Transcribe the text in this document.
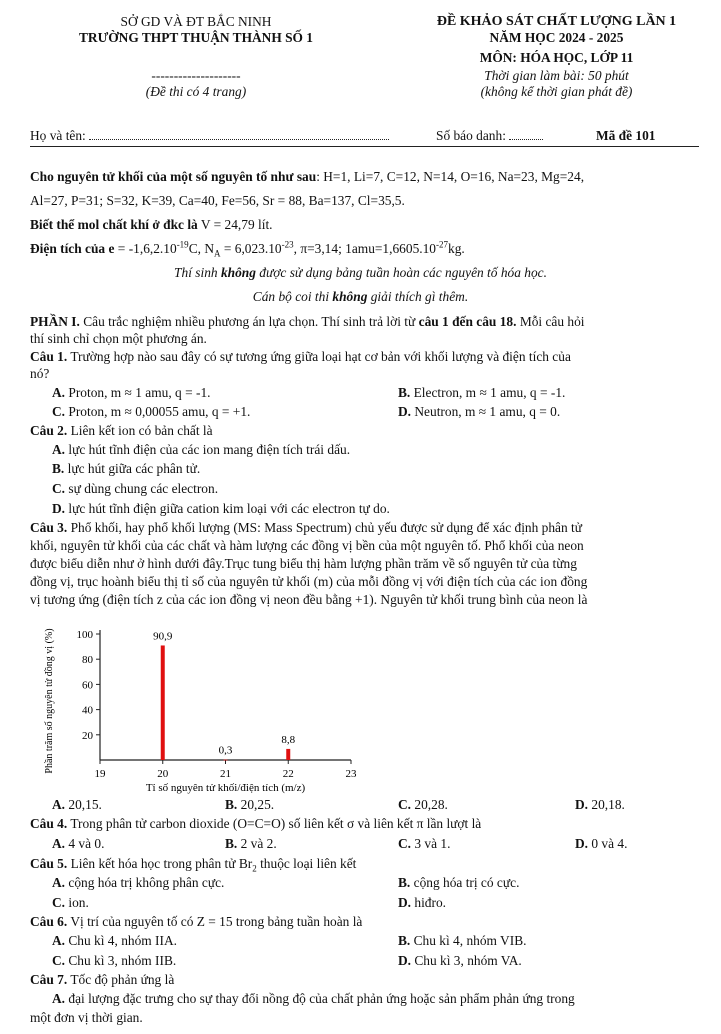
SỞ GD VÀ ĐT BẮC NINH
TRƯỜNG THPT THUẬN THÀNH SỐ 1
--------------------
(Đề thi có 4 trang)
ĐỀ KHẢO SÁT CHẤT LƯỢNG LẦN 1
NĂM HỌC 2024 - 2025
MÔN: HÓA HỌC, LỚP 11
Thời gian làm bài: 50 phút
(không kể thời gian phát đề)
Họ và tên:	Số báo danh:	Mã đề 101
Cho nguyên tử khối của một số nguyên tố như sau: H=1, Li=7, C=12, N=14, O=16, Na=23, Mg=24,
Al=27, P=31; S=32, K=39, Ca=40, Fe=56, Sr = 88, Ba=137, Cl=35,5.
Biết thể mol chất khí ở đkc là V = 24,79 lít.
Điện tích của $e = -1,6,2.10^{-19}C$, $N_A = 6,023.10^{-23}$, π=3,14; $1amu=1,6605.10^{-27}kg$.
Thí sinh không được sử dụng bảng tuần hoàn các nguyên tố hóa học.
Cán bộ coi thi không giải thích gì thêm.
PHẦN I. Câu trắc nghiệm nhiều phương án lựa chọn. Thí sinh trả lời từ câu 1 đến câu 18. Mỗi câu hỏi
thí sinh chỉ chọn một phương án.
Câu 1. Trường hợp nào sau đây có sự tương ứng giữa loại hạt cơ bản với khối lượng và điện tích của
nó?
A. Proton, m ≈ 1 amu, q = -1.	B. Electron, m ≈ 1 amu, q = -1.
C. Proton, m ≈ 0,00055 amu, q = +1.	D. Neutron, m ≈ 1 amu, q = 0.
Câu 2. Liên kết ion có bản chất là
A. lực hút tĩnh điện của các ion mang điện tích trái dấu.
B. lực hút giữa các phân tử.
C. sự dùng chung các electron.
D. lực hút tĩnh điện giữa cation kim loại với các electron tự do.
Câu 3. Phổ khối, hay phổ khối lượng (MS: Mass Spectrum) chủ yếu được sử dụng để xác định phân tử
khối, nguyên tử khối của các chất và hàm lượng các đồng vị bền của một nguyên tố. Phổ khối của neon
được biểu diễn như ở hình dưới đây.Trục tung biểu thị hàm lượng phần trăm về số nguyên tử của từng
đồng vị, trục hoành biểu thị tỉ số của nguyên tử khối (m) của mỗi đồng vị với điện tích của các ion đồng
vị tương ứng (điện tích z của các ion đồng vị neon đều bằng +1). Nguyên tử khối trung bình của neon là
100
80
60
40
20
19	20	21	22	23
90,9
0,3
8,8
Tỉ số nguyên tử khối/điện tích (m/z)
Phần trăm số nguyên tử đồng vị (%)
A. 20,15.	B. 20,25.	C. 20,28.	D. 20,18.
Câu 4. Trong phân tử carbon dioxide (O=C=O) số liên kết σ và liên kết π lần lượt là
A. 4 và 0.	B. 2 và 2.	C. 3 và 1.	D. 0 và 4.
Câu 5. Liên kết hóa học trong phân tử $Br_2$ thuộc loại liên kết
A. cộng hóa trị không phân cực.	B. cộng hóa trị có cực.
C. ion.	D. hiđro.
Câu 6. Vị trí của nguyên tố có Z = 15 trong bảng tuần hoàn là
A. Chu kì 4, nhóm IIA.	B. Chu kì 4, nhóm VIB.
C. Chu kì 3, nhóm IIB.	D. Chu kì 3, nhóm VA.
Câu 7. Tốc độ phản ứng là
A. đại lượng đặc trưng cho sự thay đổi nồng độ của chất phản ứng hoặc sản phẩm phản ứng trong
một đơn vị thời gian.
